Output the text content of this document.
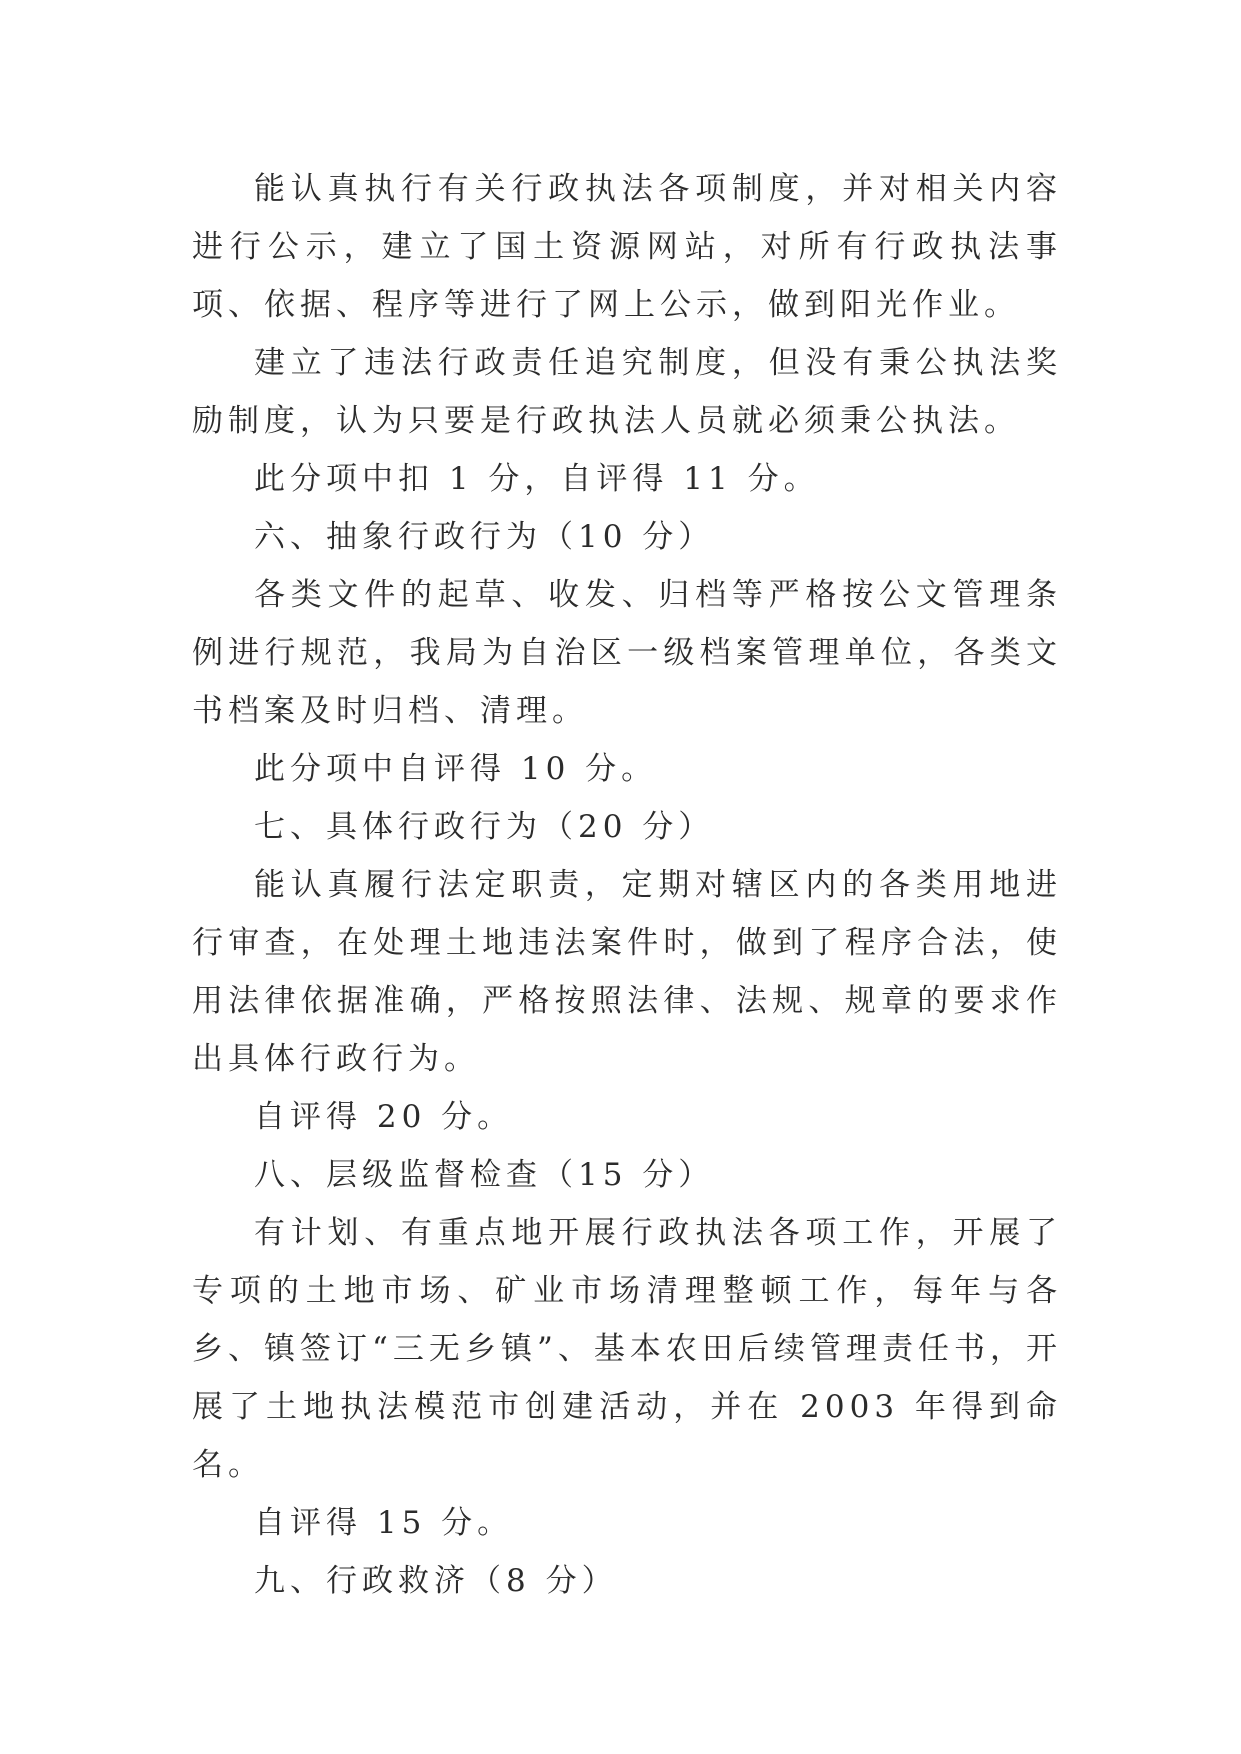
能认真执行有关行政执法各项制度，并对相关内容进行公示，建立了国土资源网站，对所有行政执法事项、依据、程序等进行了网上公示，做到阳光作业。

建立了违法行政责任追究制度，但没有秉公执法奖励制度，认为只要是行政执法人员就必须秉公执法。

此分项中扣 1 分，自评得 11 分。

六、抽象行政行为（10 分）

各类文件的起草、收发、归档等严格按公文管理条例进行规范，我局为自治区一级档案管理单位，各类文书档案及时归档、清理。

此分项中自评得 10 分。

七、具体行政行为（20 分）

能认真履行法定职责，定期对辖区内的各类用地进行审查，在处理土地违法案件时，做到了程序合法，使用法律依据准确，严格按照法律、法规、规章的要求作出具体行政行为。

自评得 20 分。

八、层级监督检查（15 分）

有计划、有重点地开展行政执法各项工作，开展了专项的土地市场、矿业市场清理整顿工作，每年与各乡、镇签订“三无乡镇”、基本农田后续管理责任书，开展了土地执法模范市创建活动，并在 2003 年得到命名。

自评得 15 分。

九、行政救济（8 分）
